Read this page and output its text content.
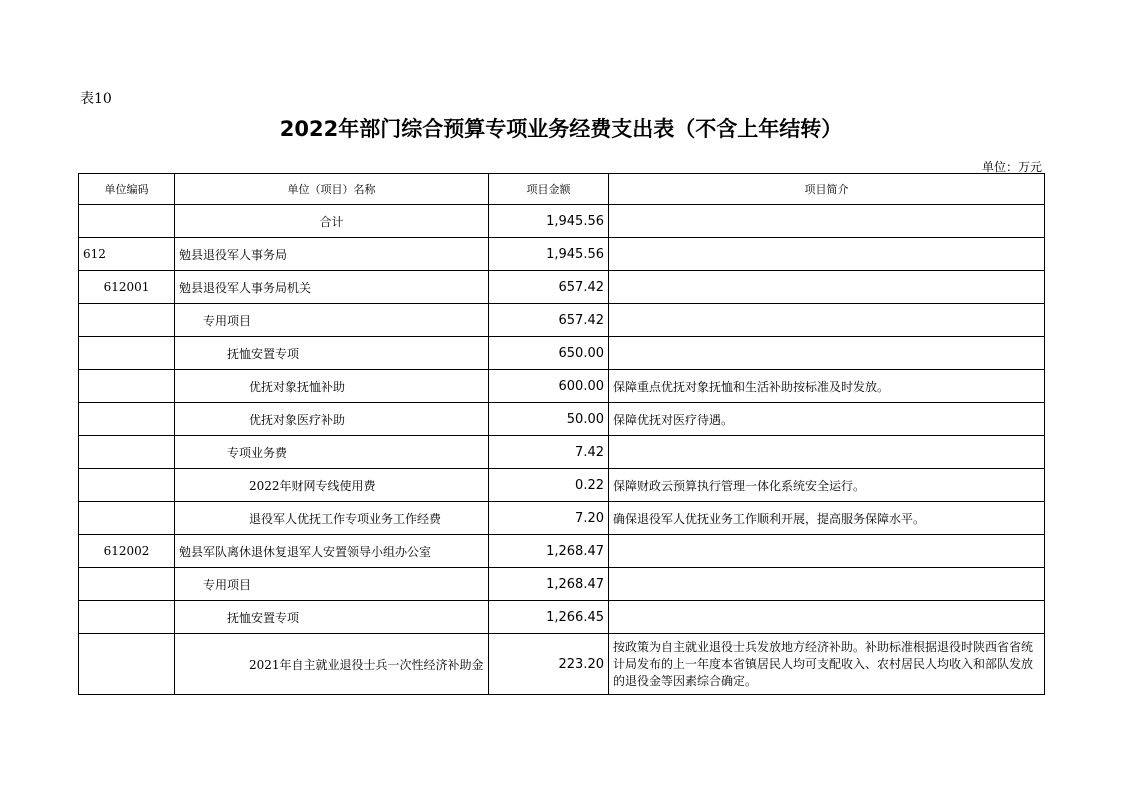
表10
2022年部门综合预算专项业务经费支出表（不含上年结转）
单位：万元
单位编码	单位（项目）名称	项目金额	项目简介
	合计	1,945.56	
612	勉县退役军人事务局	1,945.56	
612001	勉县退役军人事务局机关	657.42	
	专用项目	657.42	
	抚恤安置专项	650.00	
	优抚对象抚恤补助	600.00	保障重点优抚对象抚恤和生活补助按标准及时发放。
	优抚对象医疗补助	50.00	保障优抚对医疗待遇。
	专项业务费	7.42	
	2022年财网专线使用费	0.22	保障财政云预算执行管理一体化系统安全运行。
	退役军人优抚工作专项业务工作经费	7.20	确保退役军人优抚业务工作顺利开展，提高服务保障水平。
612002	勉县军队离休退休复退军人安置领导小组办公室	1,268.47	
	专用项目	1,268.47	
	抚恤安置专项	1,266.45	
	2021年自主就业退役士兵一次性经济补助金	223.20	按政策为自主就业退役士兵发放地方经济补助。补助标准根据退役时陕西省省统计局发布的上一年度本省镇居民人均可支配收入、农村居民人均收入和部队发放的退役金等因素综合确定。
